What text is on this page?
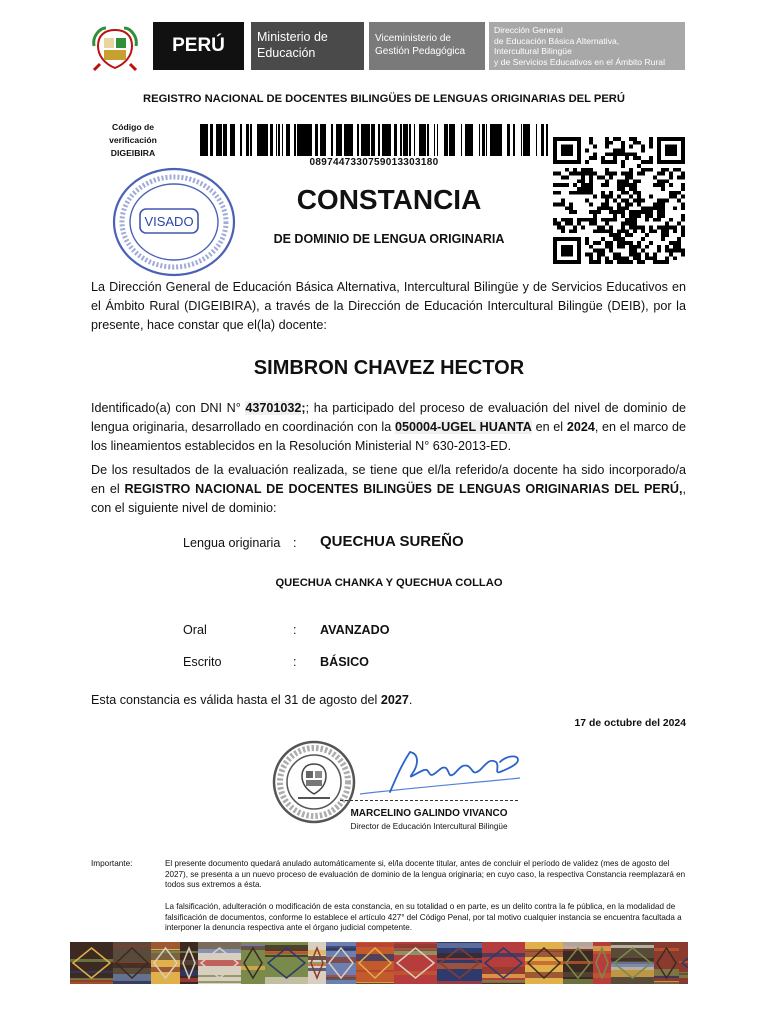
PERÚ	Ministerio de
Educación
Viceministerio de
Gestión Pedagógica
Dirección General
de Educación Básica Alternativa,
Intercultural Bilingüe
y de Servicios Educativos en el Ámbito Rural
REGISTRO NACIONAL DE DOCENTES BILINGÜES DE LENGUAS ORIGINARIAS DEL PERÚ
Código de
verificación
DIGEIBIRA
0897447330759013303180
VISADO
CONSTANCIA
DE DOMINIO DE LENGUA ORIGINARIA

La Dirección General de Educación Básica Alternativa, Intercultural Bilingüe y de Servicios Educativos en el Ámbito Rural (DIGEIBIRA), a través de la Dirección de Educación Intercultural Bilingüe (DEIB), por la presente, hace constar que el(la) docente:

SIMBRON CHAVEZ HECTOR

Identificado(a) con DNI N° 43701032;; ha participado del proceso de evaluación del nivel de dominio de lengua originaria, desarrollado en coordinación con la 050004-UGEL HUANTA en el 2024, en el marco de los lineamientos establecidos en la Resolución Ministerial N° 630-2013-ED.

De los resultados de la evaluación realizada, se tiene que el/la referido/a docente ha sido incorporado/a en el REGISTRO NACIONAL DE DOCENTES BILINGÜES DE LENGUAS ORIGINARIAS DEL PERÚ,, con el siguiente nivel de dominio:

Lengua originaria : QUECHUA SUREÑO
QUECHUA CHANKA Y QUECHUA COLLAO
Oral	: AVANZADO
Escrito	: BÁSICO

Esta constancia es válida hasta el 31 de agosto del 2027.

17 de octubre del 2024
MARCELINO GALINDO VIVANCO
Director de Educación Intercultural Bilingüe
Importante:	El presente documento quedará anulado automáticamente si, el/la docente titular, antes de concluir el período de validez (mes de agosto del 2027), se presenta a un nuevo proceso de evaluación de dominio de la lengua originaria; en cuyo caso, la respectiva Constancia reemplazará en todos sus extremos a ésta.

La falsificación, adulteración o modificación de esta constancia, en su totalidad o en parte, es un delito contra la fe pública, en la modalidad de falsificación de documentos, conforme lo establece el artículo 427° del Código Penal, por tal motivo cualquier instancia se encuentra facultada a interponer la denuncia respectiva ante el órgano judicial competente.
